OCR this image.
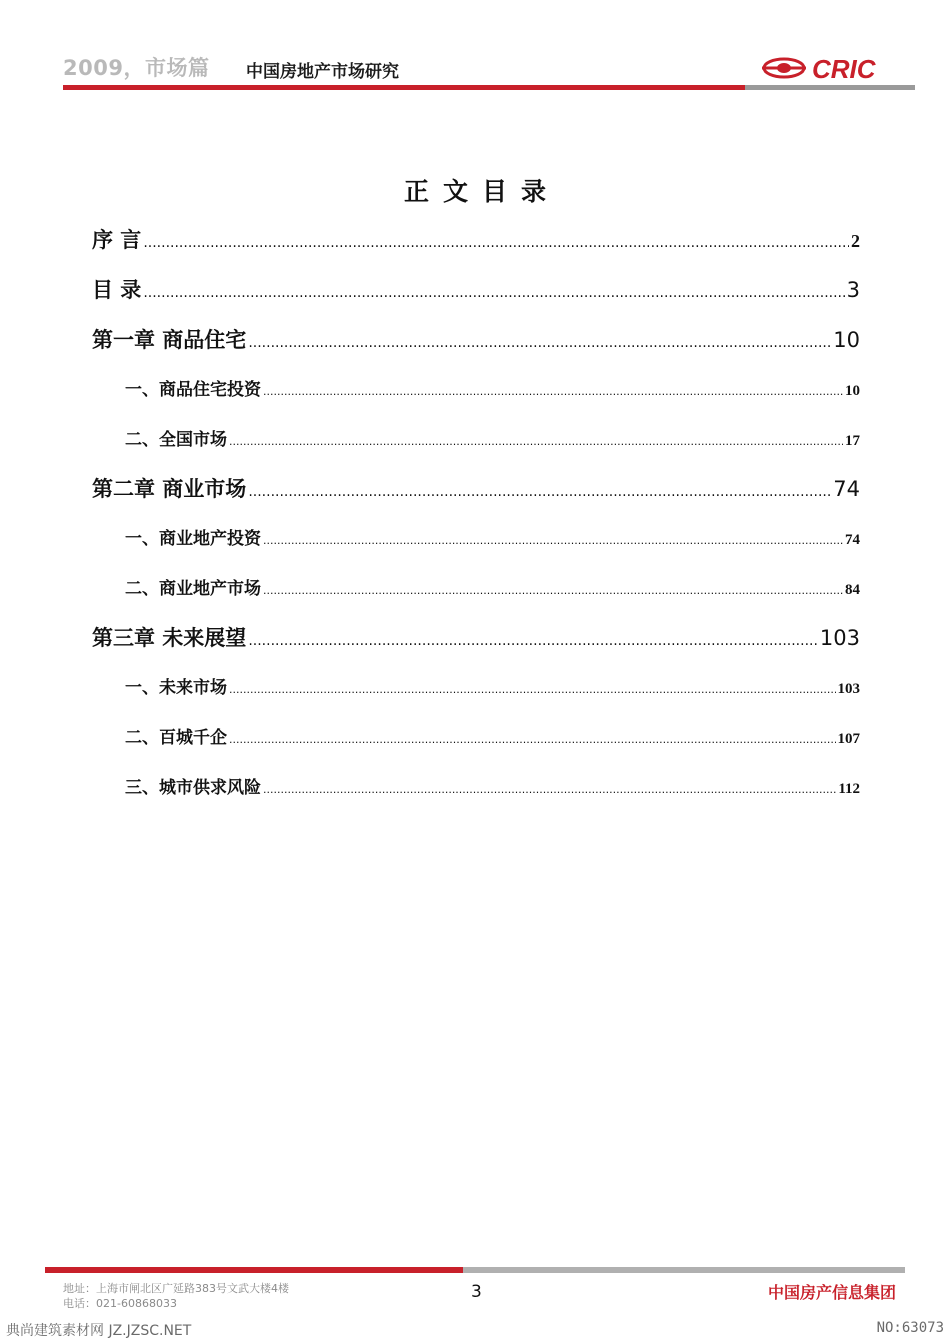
2009，市场篇 中国房地产市场研究	CRIC
正文目录
序 言 .....	2
目 录 .....	3
第一章 商品住宅 .....	10
一、商品住宅投资 .....	10
二、全国市场 .....	17
第二章 商业市场 .....	74
一、商业地产投资 .....	74
二、商业地产市场 .....	84
第三章 未来展望 .....	103
一、未来市场 .....	103
二、百城千企 .....	107
三、城市供求风险 .....	112
地址：上海市闸北区广延路383号文武大楼4楼
电话：021-60868033
3	中国房产信息集团
典尚建筑素材网 JZ.JZSC.NET	NO:63073
